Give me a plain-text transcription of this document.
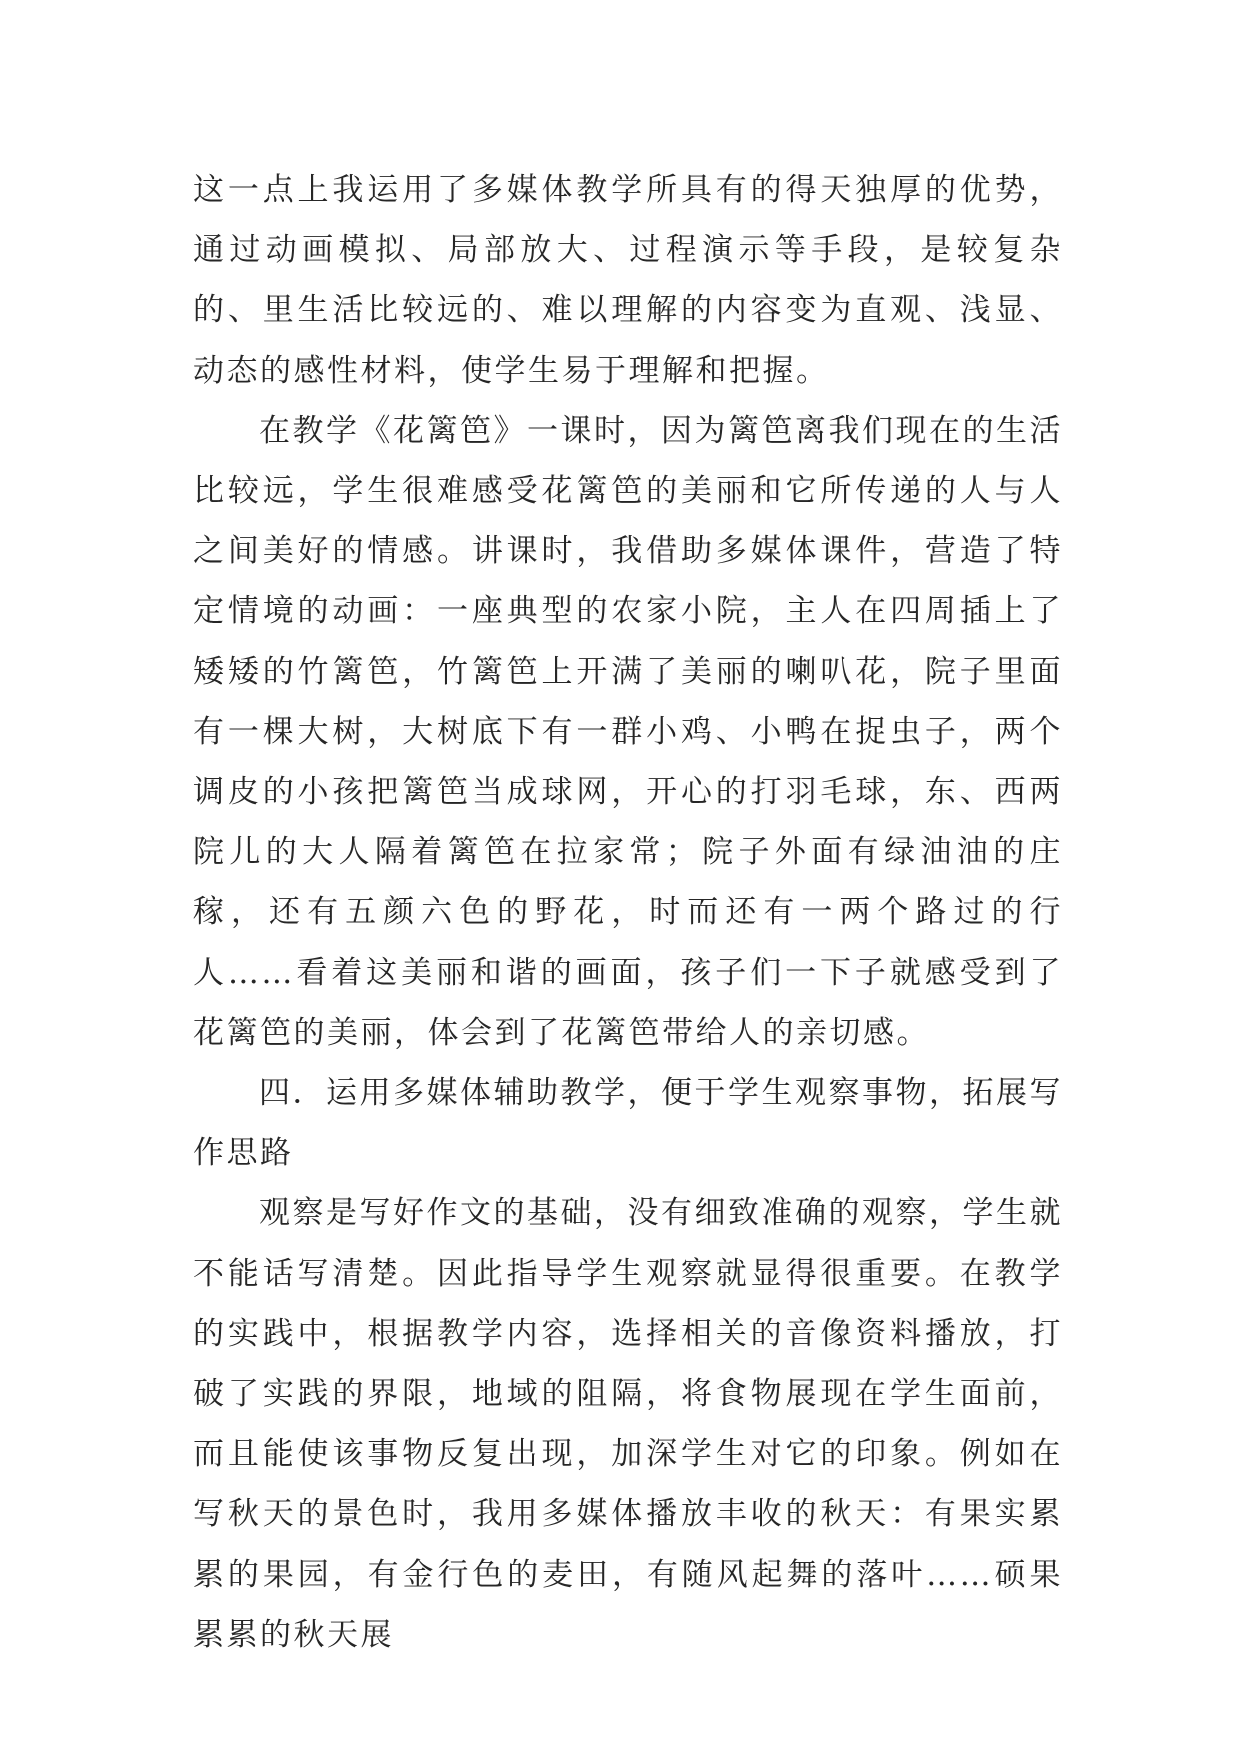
这一点上我运用了多媒体教学所具有的得天独厚的优势，通过动画模拟、局部放大、过程演示等手段，是较复杂的、里生活比较远的、难以理解的内容变为直观、浅显、动态的感性材料，使学生易于理解和把握。

在教学《花篱笆》一课时，因为篱笆离我们现在的生活比较远，学生很难感受花篱笆的美丽和它所传递的人与人之间美好的情感。讲课时，我借助多媒体课件，营造了特定情境的动画：一座典型的农家小院，主人在四周插上了矮矮的竹篱笆，竹篱笆上开满了美丽的喇叭花，院子里面有一棵大树，大树底下有一群小鸡、小鸭在捉虫子，两个调皮的小孩把篱笆当成球网，开心的打羽毛球，东、西两院儿的大人隔着篱笆在拉家常；院子外面有绿油油的庄稼，还有五颜六色的野花，时而还有一两个路过的行人……看着这美丽和谐的画面，孩子们一下子就感受到了花篱笆的美丽，体会到了花篱笆带给人的亲切感。

四．运用多媒体辅助教学，便于学生观察事物，拓展写作思路

观察是写好作文的基础，没有细致准确的观察，学生就不能话写清楚。因此指导学生观察就显得很重要。在教学的实践中，根据教学内容，选择相关的音像资料播放，打破了实践的界限，地域的阻隔，将食物展现在学生面前，而且能使该事物反复出现，加深学生对它的印象。例如在写秋天的景色时，我用多媒体播放丰收的秋天：有果实累累的果园，有金行色的麦田，有随风起舞的落叶……硕果累累的秋天展
